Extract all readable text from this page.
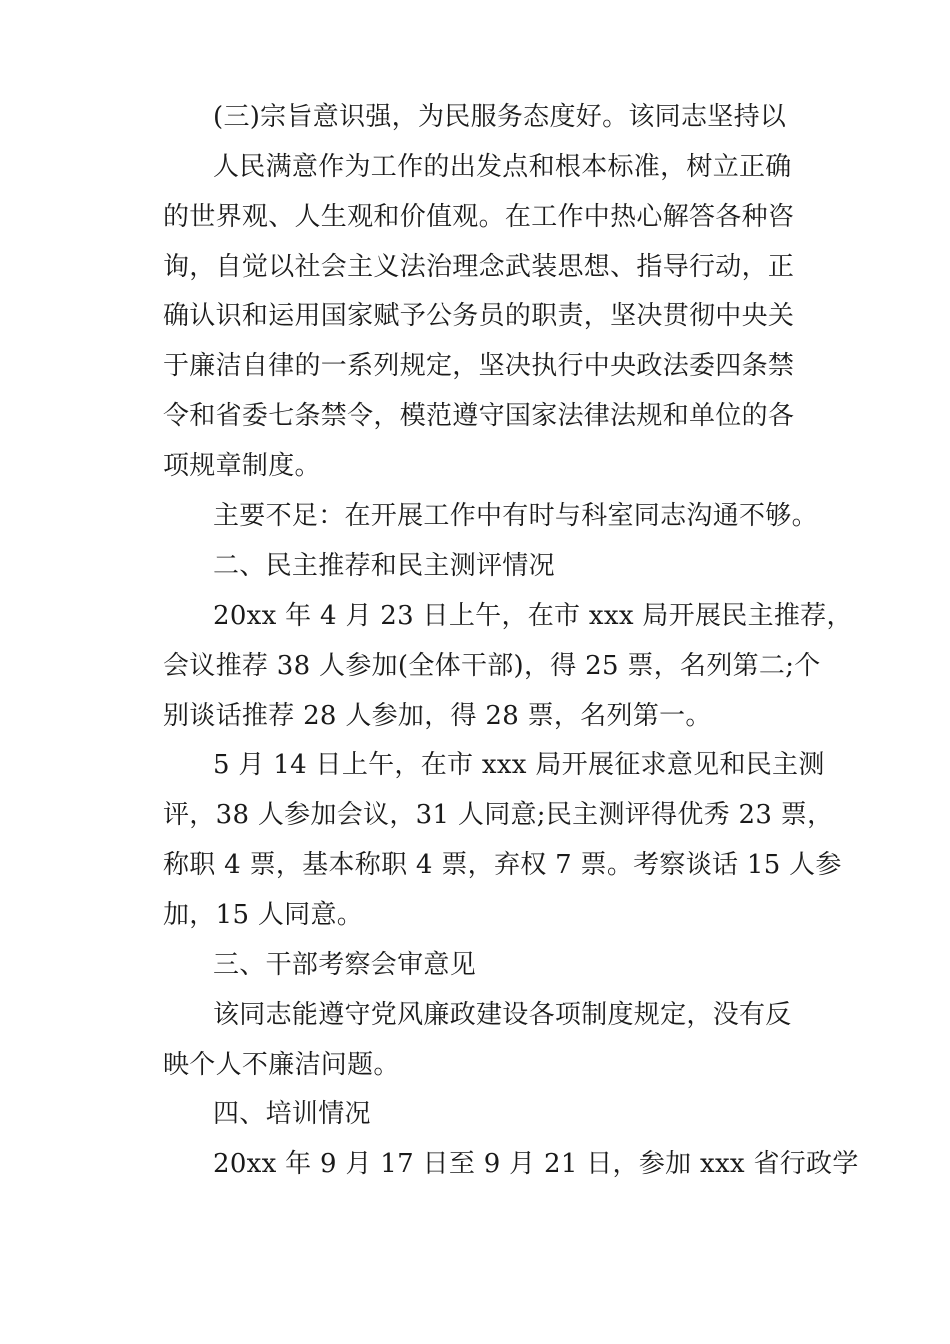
(三)宗旨意识强，为民服务态度好。该同志坚持以
人民满意作为工作的出发点和根本标准，树立正确
的世界观、人生观和价值观。在工作中热心解答各种咨
询，自觉以社会主义法治理念武装思想、指导行动，正
确认识和运用国家赋予公务员的职责，坚决贯彻中央关
于廉洁自律的一系列规定，坚决执行中央政法委四条禁
令和省委七条禁令，模范遵守国家法律法规和单位的各
项规章制度。
主要不足：在开展工作中有时与科室同志沟通不够。
二、民主推荐和民主测评情况
20xx 年 4 月 23 日上午，在市 xxx 局开展民主推荐，
会议推荐 38 人参加(全体干部)，得 25 票，名列第二;个
别谈话推荐 28 人参加，得 28 票，名列第一。
5 月 14 日上午，在市 xxx 局开展征求意见和民主测
评，38 人参加会议，31 人同意;民主测评得优秀 23 票，
称职 4 票，基本称职 4 票，弃权 7 票。考察谈话 15 人参
加，15 人同意。
三、干部考察会审意见
该同志能遵守党风廉政建设各项制度规定，没有反
映个人不廉洁问题。
四、培训情况
20xx 年 9 月 17 日至 9 月 21 日，参加 xxx 省行政学
